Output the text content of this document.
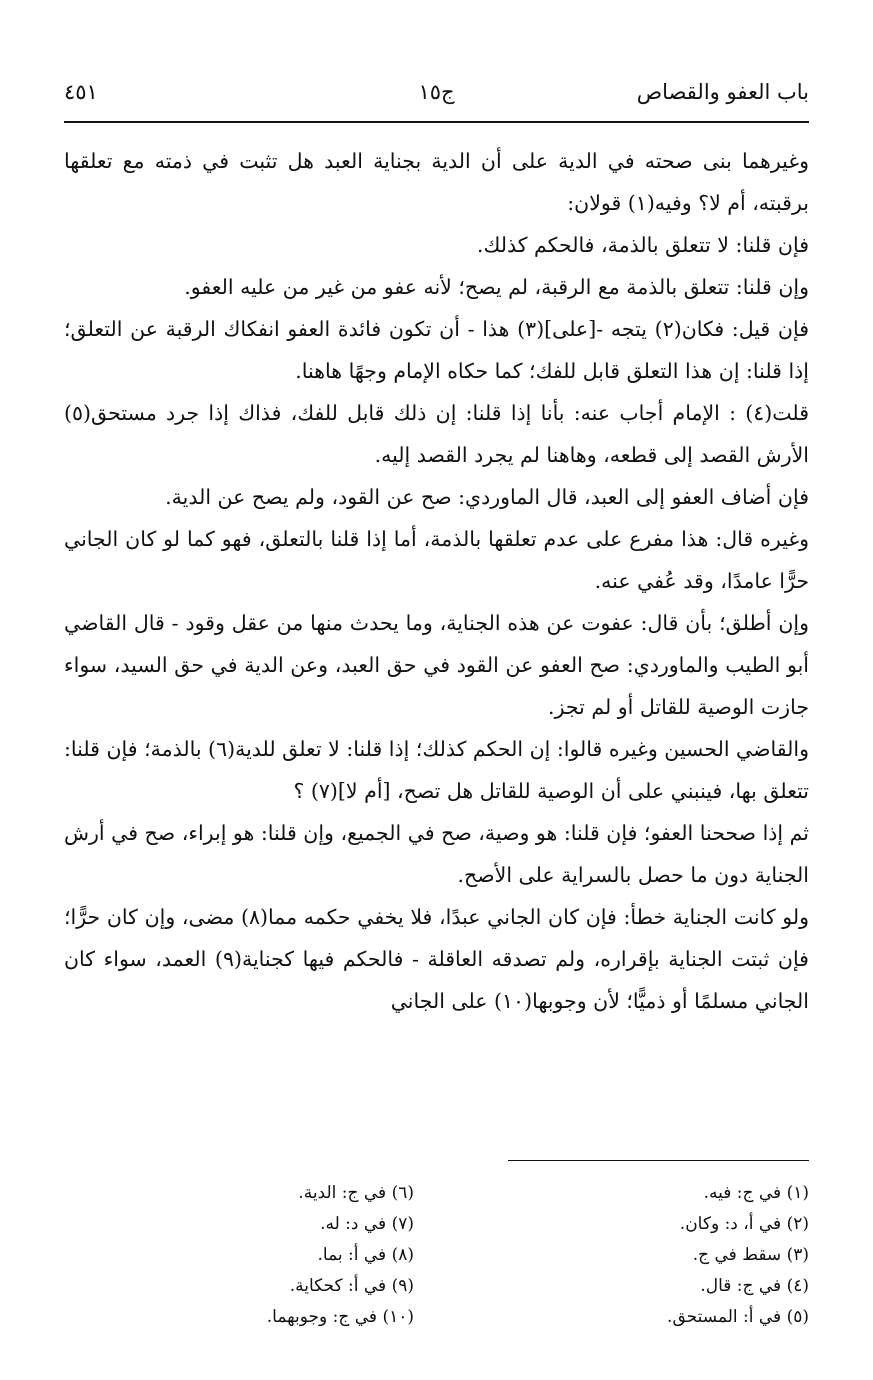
باب العفو والقصاص
ج١٥
٤٥١

وغيرهما بنى صحته في الدية على أن الدية بجناية العبد هل تثبت في ذمته مع تعلقها برقبته، أم لا؟ وفيه(١) قولان:

فإن قلنا: لا تتعلق بالذمة، فالحكم كذلك.

وإن قلنا: تتعلق بالذمة مع الرقبة، لم يصح؛ لأنه عفو من غير من عليه العفو.

فإن قيل: فكان(٢) يتجه -[على](٣) هذا - أن تكون فائدة العفو انفكاك الرقبة عن التعلق؛ إذا قلنا: إن هذا التعلق قابل للفك؛ كما حكاه الإمام وجهًا هاهنا.

قلت(٤) : الإمام أجاب عنه: بأنا إذا قلنا: إن ذلك قابل للفك، فذاك إذا جرد مستحق(٥) الأرش القصد إلى قطعه، وهاهنا لم يجرد القصد إليه.

فإن أضاف العفو إلى العبد، قال الماوردي: صح عن القود، ولم يصح عن الدية.

وغيره قال: هذا مفرع على عدم تعلقها بالذمة، أما إذا قلنا بالتعلق، فهو كما لو كان الجاني حرًّا عامدًا، وقد عُفي عنه.

وإن أطلق؛ بأن قال: عفوت عن هذه الجناية، وما يحدث منها من عقل وقود - قال القاضي أبو الطيب والماوردي: صح العفو عن القود في حق العبد، وعن الدية في حق السيد، سواء جازت الوصية للقاتل أو لم تجز.

والقاضي الحسين وغيره قالوا: إن الحكم كذلك؛ إذا قلنا: لا تعلق للدية(٦) بالذمة؛ فإن قلنا: تتعلق بها، فينبني على أن الوصية للقاتل هل تصح، [أم لا](٧) ؟

ثم إذا صححنا العفو؛ فإن قلنا: هو وصية، صح في الجميع، وإن قلنا: هو إبراء، صح في أرش الجناية دون ما حصل بالسراية على الأصح.

ولو كانت الجناية خطأ: فإن كان الجاني عبدًا، فلا يخفي حكمه مما(٨) مضى، وإن كان حرًّا؛ فإن ثبتت الجناية بإقراره، ولم تصدقه العاقلة - فالحكم فيها كجناية(٩) العمد، سواء كان الجاني مسلمًا أو ذميًّا؛ لأن وجوبها(١٠) على الجاني

(١) في ج: فيه.
(٢) في أ، د: وكان.
(٣) سقط في ج.
(٤) في ج: قال.
(٥) في أ: المستحق.
(٦) في ج: الدية.
(٧) في د: له.
(٨) في أ: بما.
(٩) في أ: كحكاية.
(١٠) في ج: وجوبهما.
